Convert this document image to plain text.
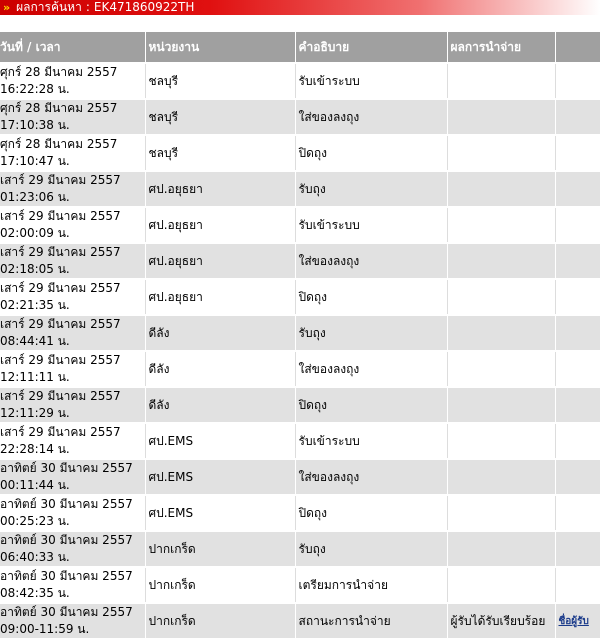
» ผลการค้นหา : EK471860922TH
วันที่ / เวลา	หน่วยงาน	คำอธิบาย	ผลการนำจ่าย	

ศุกร์ 28 มีนาคม 2557
16:22:28 น.	ชลบุรี	รับเข้าระบบ		

ศุกร์ 28 มีนาคม 2557
17:10:38 น.	ชลบุรี	ใส่ของลงถุง		

ศุกร์ 28 มีนาคม 2557
17:10:47 น.	ชลบุรี	ปิดถุง		

เสาร์ 29 มีนาคม 2557
01:23:06 น.	ศป.อยุธยา	รับถุง		

เสาร์ 29 มีนาคม 2557
02:00:09 น.	ศป.อยุธยา	รับเข้าระบบ		

เสาร์ 29 มีนาคม 2557
02:18:05 น.	ศป.อยุธยา	ใส่ของลงถุง		

เสาร์ 29 มีนาคม 2557
02:21:35 น.	ศป.อยุธยา	ปิดถุง		

เสาร์ 29 มีนาคม 2557
08:44:41 น.	ดีลัง	รับถุง		

เสาร์ 29 มีนาคม 2557
12:11:11 น.	ดีลัง	ใส่ของลงถุง		

เสาร์ 29 มีนาคม 2557
12:11:29 น.	ดีลัง	ปิดถุง		

เสาร์ 29 มีนาคม 2557
22:28:14 น.	ศป.EMS	รับเข้าระบบ		

อาทิตย์ 30 มีนาคม 2557
00:11:44 น.	ศป.EMS	ใส่ของลงถุง		

อาทิตย์ 30 มีนาคม 2557
00:25:23 น.	ศป.EMS	ปิดถุง		

อาทิตย์ 30 มีนาคม 2557
06:40:33 น.	ปากเกร็ด	รับถุง		

อาทิตย์ 30 มีนาคม 2557
08:42:35 น.	ปากเกร็ด	เตรียมการนำจ่าย		

อาทิตย์ 30 มีนาคม 2557
09:00-11:59 น.	ปากเกร็ด	สถานะการนำจ่าย	ผู้รับได้รับเรียบร้อย	ชื่อผู้รับ
